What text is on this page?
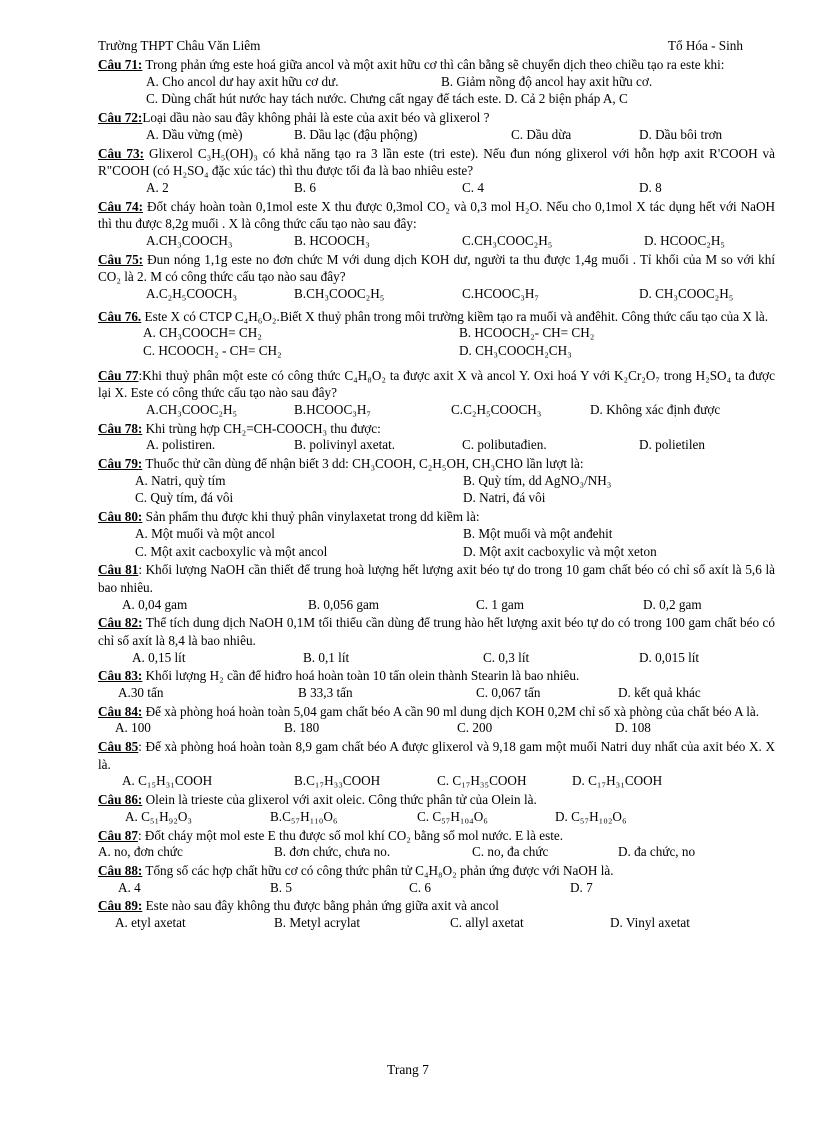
Trường THPT Châu Văn Liêm	Tổ Hóa - Sinh
Câu 71: Trong phản ứng este hoá giữa ancol và một axit hữu cơ thì cân bằng sẽ chuyển dịch theo chiều tạo ra este khi:
A. Cho ancol dư hay axit hữu cơ dư.	B. Giảm nồng độ ancol hay axit hữu cơ.
C. Dùng chất hút nước hay tách nước. Chưng cất ngay để tách este. D. Cả 2 biện pháp A, C
Câu 72:Loại dầu nào sau đây không phải là este của axit béo và glixerol ?
A. Dầu vừng (mè)	B. Dầu lạc (đậu phộng)	C. Dầu dừa	D. Dầu bôi trơn
Câu 73: Glixerol C₃H₅(OH)₃ có khả năng tạo ra 3 lần este (tri este). Nếu đun nóng glixerol với hỗn hợp axit R'COOH và R"COOH (có H₂SO₄ đặc xúc tác) thì thu được tối đa là bao nhiêu este?
A. 2	B. 6	C. 4	D. 8
Câu 74: Đốt cháy hoàn toàn 0,1mol este X thu được 0,3mol CO₂ và 0,3 mol H₂O. Nếu cho 0,1mol X tác dụng hết với NaOH thì thu được 8,2g muối . X là công thức cấu tạo nào sau đây:
A.CH₃COOCH₃	B. HCOOCH₃	C.CH₃COOC₂H₅	D. HCOOC₂H₅
Câu 75: Đun nóng 1,1g este no đơn chức M với dung dịch KOH dư, người ta thu được 1,4g muối . Tỉ khối của M so với khí CO₂ là 2. M có công thức cấu tạo nào sau đây?
A.C₂H₅COOCH₃	B.CH₃COOC₂H₅	C.HCOOC₃H₇	D. CH₃COOC₂H₅
Câu 76. Este X có CTCP C₄H₆O₂.Biết X thuỷ phân trong môi trường kiềm tạo ra muối và anđêhit. Công thức cấu tạo của X là.
A. CH₃COOCH= CH₂	B. HCOOCH₂- CH= CH₂
C. HCOOCH₂ - CH= CH₂	D. CH₃COOCH₂CH₃
Câu 77:Khi thuỷ phân một este có công thức C₄H₈O₂ ta được axit X và ancol Y. Oxi hoá Y với K₂Cr₂O₇ trong H₂SO₄ ta được lại X. Este có công thức cấu tạo nào sau đây?
A.CH₃COOC₂H₅	B.HCOOC₃H₇	C.C₂H₅COOCH₃	D. Không xác định được
Câu 78: Khi trùng hợp CH₂=CH-COOCH₃ thu được:
A. polistiren.	B. polivinyl axetat.	C. polibutađien.	D. polietilen
Câu 79: Thuốc thử cần dùng để nhận biết 3 dd: CH₃COOH, C₂H₅OH, CH₃CHO lần lượt là:
A. Natri, quỳ tím	B. Quỳ tím, dd AgNO₃/NH₃
C. Quỳ tím, đá vôi	D. Natri, đá vôi
Câu 80: Sản phẩm thu được khi thuỷ phân vinylaxetat trong dd kiềm là:
A. Một muối và một ancol	B. Một muối và một anđehit
C. Một axit cacboxylic và một ancol	D. Một axit cacboxylic và một xeton
Câu 81: Khối lượng NaOH cần thiết để trung hoà lượng hết lượng axit béo tự do trong 10 gam chất béo có chỉ số axít là 5,6 là bao nhiêu.
A. 0,04 gam	B. 0,056 gam	C. 1 gam	D. 0,2 gam
Câu 82: Thể tích dung dịch NaOH 0,1M tối thiểu cần dùng để trung hào hết lượng axit béo tự do có trong 100 gam chất béo có chỉ số axít là 8,4 là bao nhiêu.
A. 0,15 lít	B. 0,1 lít	C. 0,3 lít	D. 0,015 lít
Câu 83: Khối lượng H₂ cần để hiđro hoá hoàn toàn 10 tấn olein thành Stearin là bao nhiêu.
A.30 tấn	B 33,3 tấn	C. 0,067 tấn	D. kết quả khác
Câu 84: Để xà phòng hoá hoàn toàn 5,04 gam chất béo A cần 90 ml dung dịch KOH 0,2M chỉ số xà phòng của chất béo A là.
A. 100	B. 180	C. 200	D. 108
Câu 85: Để xà phòng hoá hoàn toàn 8,9 gam chất béo A được glixerol và 9,18 gam một muối Natri duy nhất của axit béo X. X là.
A. C₁₅H₃₁COOH	B.C₁₇H₃₃COOH	C. C₁₇H₃₅COOH	D. C₁₇H₃₁COOH
Câu 86: Olein là trieste của glixerol với axit oleic. Công thức phân tử của Olein là.
A. C₅₁H₉₂O₃	B.C₅₇H₁₁₀O₆	C. C₅₇H₁₀₄O₆	D. C₅₇H₁₀₂O₆
Câu 87: Đốt cháy một mol este E thu được số mol khí CO₂ bằng số mol nước. E là este.
A. no, đơn chức	B. đơn chức, chưa no.	C. no, đa chức	D. đa chức, no
Câu 88: Tổng số các hợp chất hữu cơ có công thức phân tử C₄H₈O₂ phản ứng được với NaOH là.
A. 4	B. 5	C. 6	D. 7
Câu 89: Este nào sau đây không thu được bằng phản ứng giữa axit và ancol
A. etyl axetat	B. Metyl acrylat	C. allyl axetat	D. Vinyl axetat
Trang 7
